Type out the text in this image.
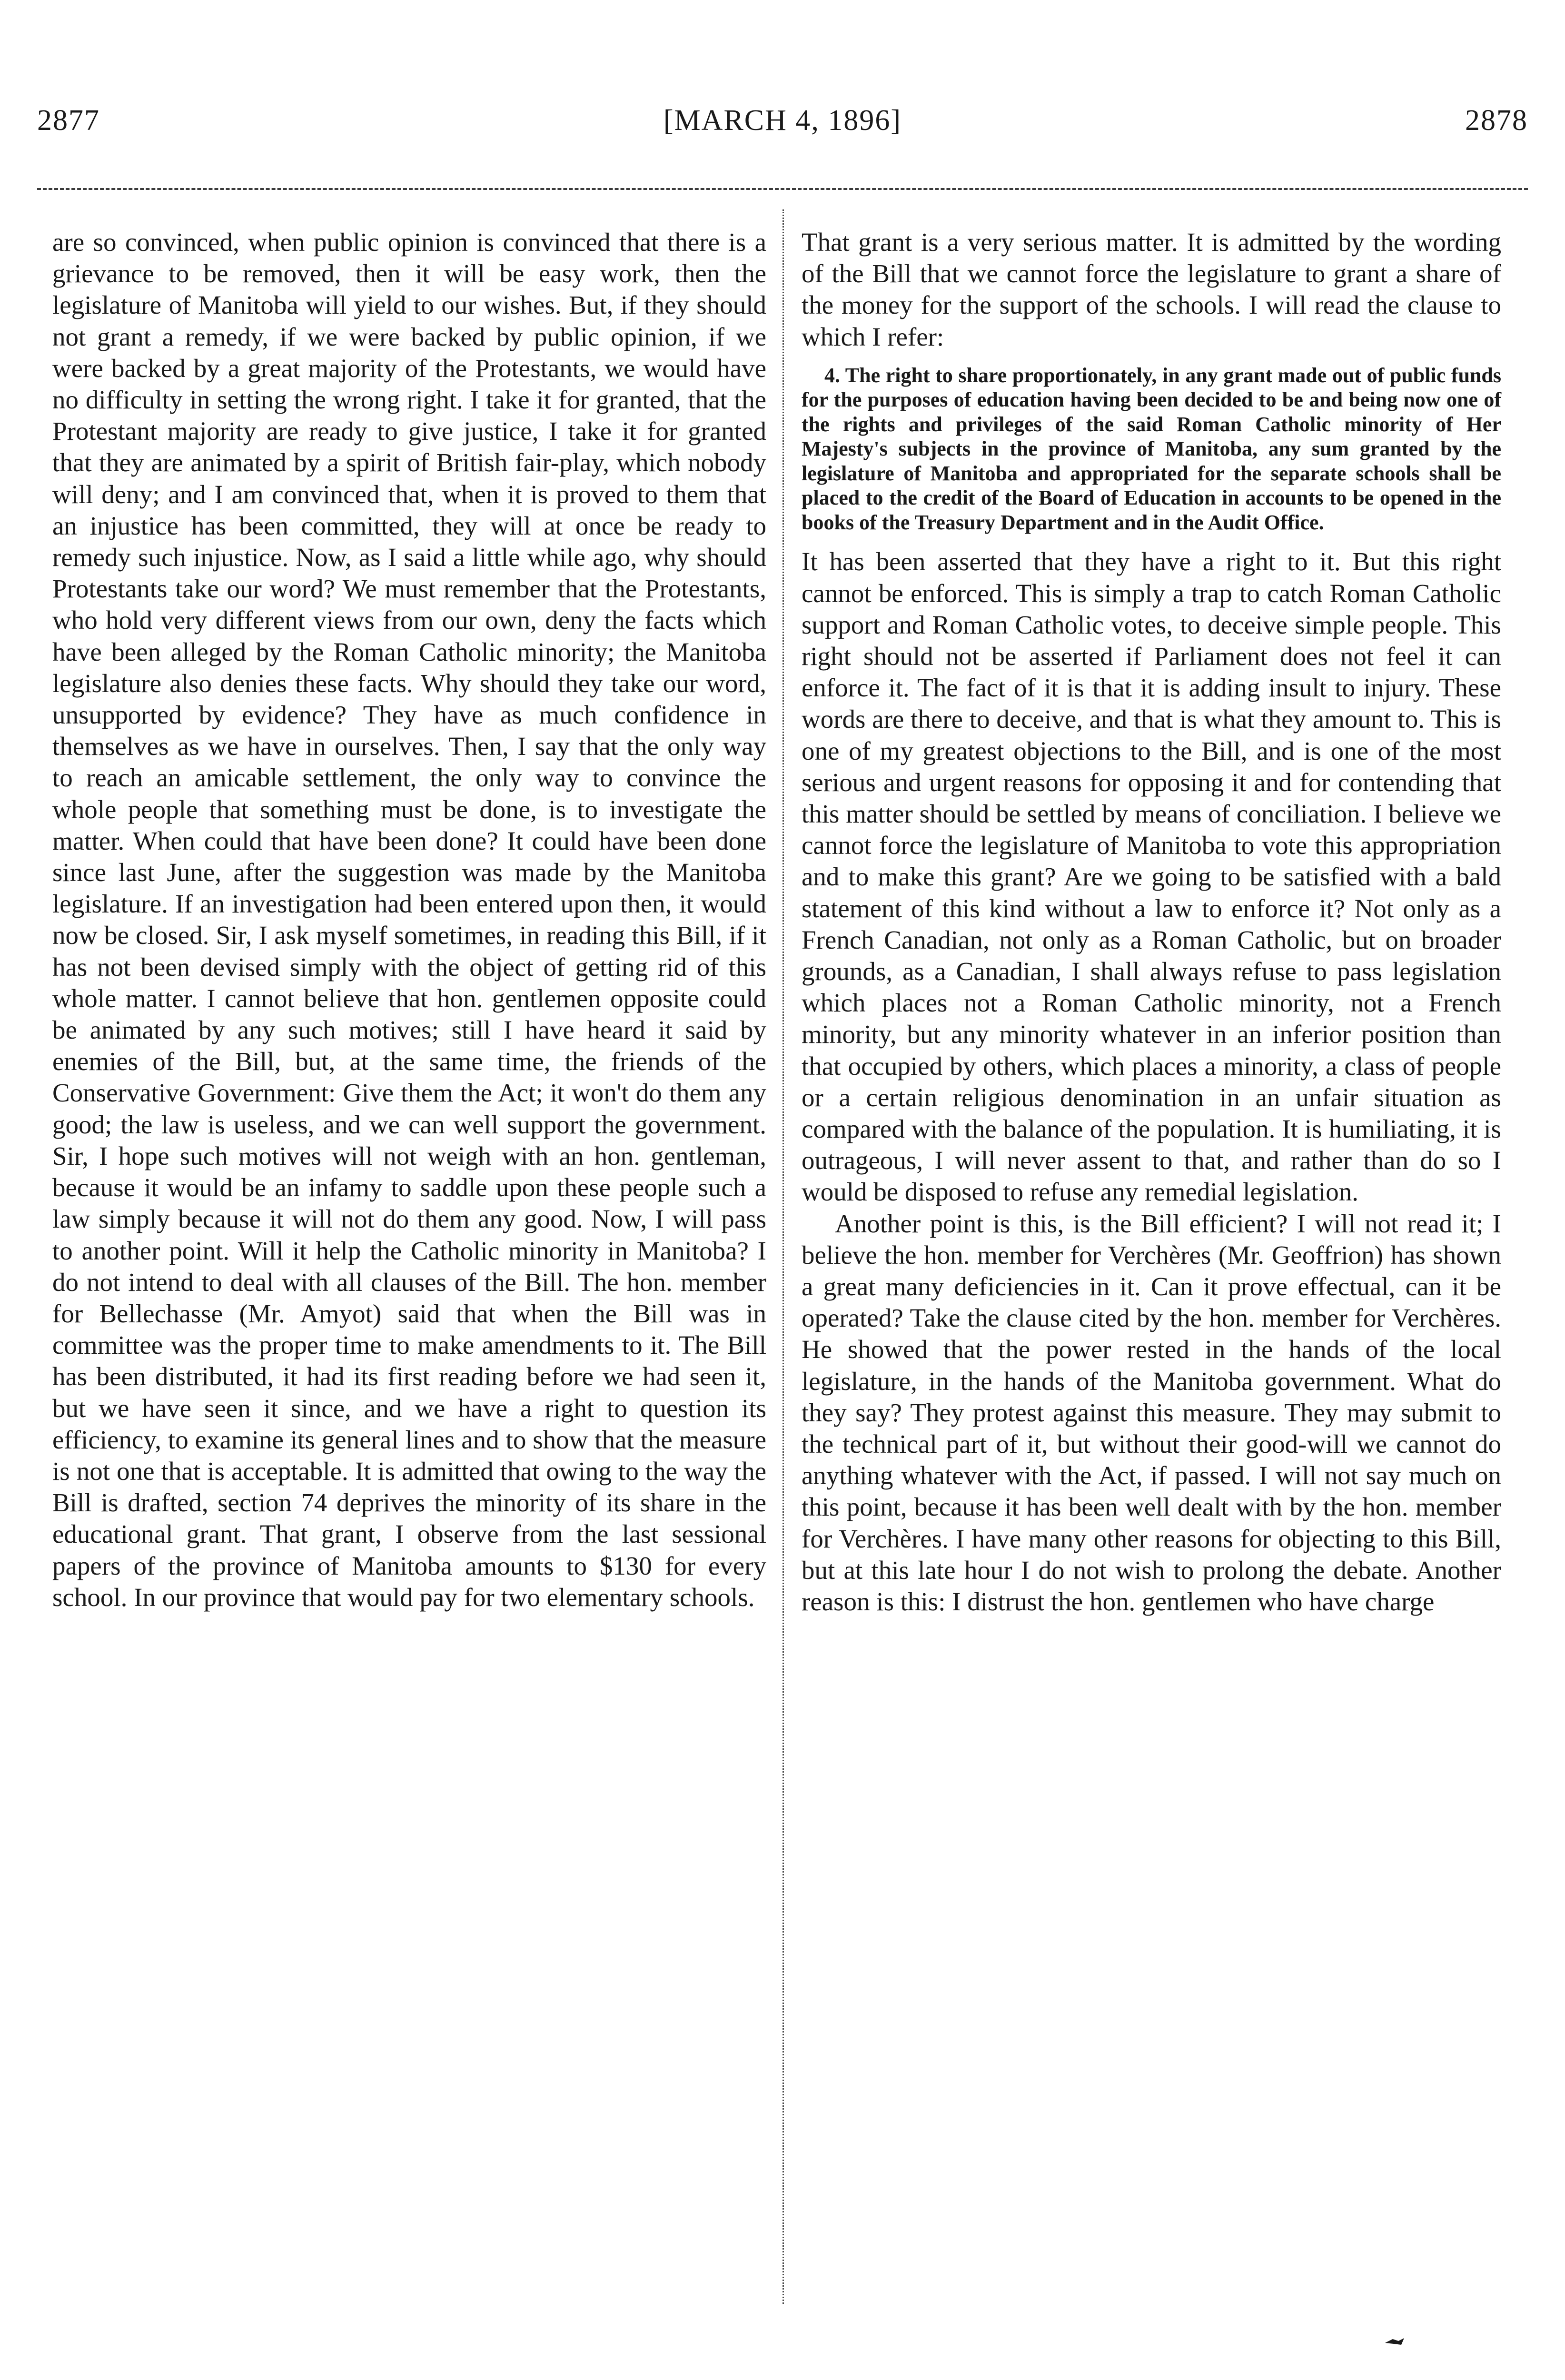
2877	[MARCH 4, 1896]	2878

are so convinced, when public opinion is convinced that there is a grievance to be removed, then it will be easy work, then the legislature of Manitoba will yield to our wishes. But, if they should not grant a remedy, if we were backed by public opinion, if we were backed by a great majority of the Protestants, we would have no difficulty in setting the wrong right. I take it for granted, that the Protestant majority are ready to give justice, I take it for granted that they are animated by a spirit of British fair-play, which nobody will deny; and I am convinced that, when it is proved to them that an injustice has been committed, they will at once be ready to remedy such injustice. Now, as I said a little while ago, why should Protestants take our word? We must remember that the Protestants, who hold very different views from our own, deny the facts which have been alleged by the Roman Catholic minority; the Manitoba legislature also denies these facts. Why should they take our word, unsupported by evidence? They have as much confidence in themselves as we have in ourselves. Then, I say that the only way to reach an amicable settlement, the only way to convince the whole people that something must be done, is to investigate the matter. When could that have been done? It could have been done since last June, after the suggestion was made by the Manitoba legislature. If an investigation had been entered upon then, it would now be closed. Sir, I ask myself sometimes, in reading this Bill, if it has not been devised simply with the object of getting rid of this whole matter. I cannot believe that hon. gentlemen opposite could be animated by any such motives; still I have heard it said by enemies of the Bill, but, at the same time, the friends of the Conservative Government: Give them the Act; it won't do them any good; the law is useless, and we can well support the government. Sir, I hope such motives will not weigh with an hon. gentleman, because it would be an infamy to saddle upon these people such a law simply because it will not do them any good. Now, I will pass to another point. Will it help the Catholic minority in Manitoba? I do not intend to deal with all clauses of the Bill. The hon. member for Bellechasse (Mr. Amyot) said that when the Bill was in committee was the proper time to make amendments to it. The Bill has been distributed, it had its first reading before we had seen it, but we have seen it since, and we have a right to question its efficiency, to examine its general lines and to show that the measure is not one that is acceptable. It is admitted that owing to the way the Bill is drafted, section 74 deprives the minority of its share in the educational grant. That grant, I observe from the last sessional papers of the province of Manitoba amounts to $130 for every school. In our province that would pay for two elementary schools.

That grant is a very serious matter. It is admitted by the wording of the Bill that we cannot force the legislature to grant a share of the money for the support of the schools. I will read the clause to which I refer:

4. The right to share proportionately, in any grant made out of public funds for the purposes of education having been decided to be and being now one of the rights and privileges of the said Roman Catholic minority of Her Majesty's subjects in the province of Manitoba, any sum granted by the legislature of Manitoba and appropriated for the separate schools shall be placed to the credit of the Board of Education in accounts to be opened in the books of the Treasury Department and in the Audit Office.

It has been asserted that they have a right to it. But this right cannot be enforced. This is simply a trap to catch Roman Catholic support and Roman Catholic votes, to deceive simple people. This right should not be asserted if Parliament does not feel it can enforce it. The fact of it is that it is adding insult to injury. These words are there to deceive, and that is what they amount to. This is one of my greatest objections to the Bill, and is one of the most serious and urgent reasons for opposing it and for contending that this matter should be settled by means of conciliation. I believe we cannot force the legislature of Manitoba to vote this appropriation and to make this grant? Are we going to be satisfied with a bald statement of this kind without a law to enforce it? Not only as a French Canadian, not only as a Roman Catholic, but on broader grounds, as a Canadian, I shall always refuse to pass legislation which places not a Roman Catholic minority, not a French minority, but any minority whatever in an inferior position than that occupied by others, which places a minority, a class of people or a certain religious denomination in an unfair situation as compared with the balance of the population. It is humiliating, it is outrageous, I will never assent to that, and rather than do so I would be disposed to refuse any remedial legislation.

Another point is this, is the Bill efficient? I will not read it; I believe the hon. member for Verchères (Mr. Geoffrion) has shown a great many deficiencies in it. Can it prove effectual, can it be operated? Take the clause cited by the hon. member for Verchères. He showed that the power rested in the hands of the local legislature, in the hands of the Manitoba government. What do they say? They protest against this measure. They may submit to the technical part of it, but without their good-will we cannot do anything whatever with the Act, if passed. I will not say much on this point, because it has been well dealt with by the hon. member for Verchères. I have many other reasons for objecting to this Bill, but at this late hour I do not wish to prolong the debate. Another reason is this: I distrust the hon. gentlemen who have charge
